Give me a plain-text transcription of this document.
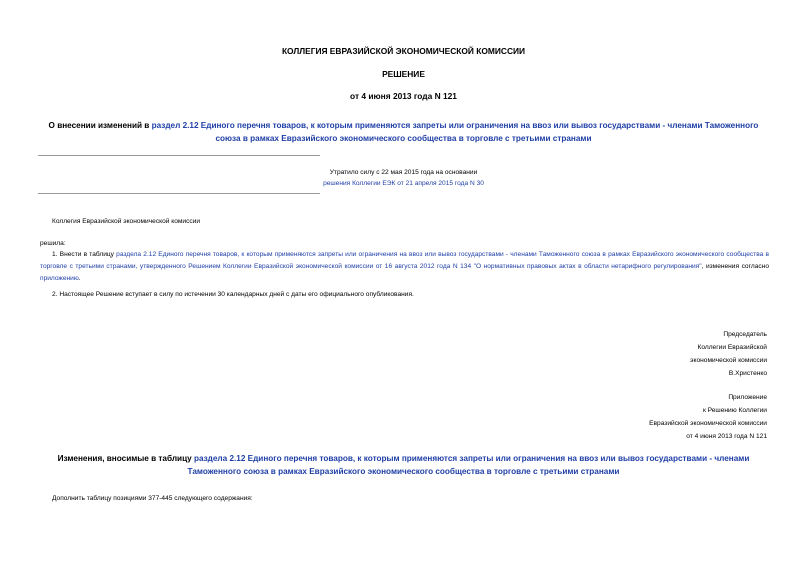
КОЛЛЕГИЯ ЕВРАЗИЙСКОЙ ЭКОНОМИЧЕСКОЙ КОМИССИИ
РЕШЕНИЕ
от 4 июня 2013 года N 121
О внесении изменений в раздел 2.12 Единого перечня товаров, к которым применяются запреты или ограничения на ввоз или вывоз государствами - членами Таможенного союза в рамках Евразийского экономического сообщества в торговле с третьими странами
Утратило силу с 22 мая 2015 года на основании
решения Коллегии ЕЭК от 21 апреля 2015 года N 30
Коллегия Евразийской экономической комиссии
решила:
1. Внести в таблицу раздела 2.12 Единого перечня товаров, к которым применяются запреты или ограничения на ввоз или вывоз государствами - членами Таможенного союза в рамках Евразийского экономического сообщества в торговле с третьими странами, утвержденного Решением Коллегии Евразийской экономической комиссии от 16 августа 2012 года N 134 "О нормативных правовых актах в области нетарифного регулирования", изменения согласно приложению.
2. Настоящее Решение вступает в силу по истечении 30 календарных дней с даты его официального опубликования.
Председатель
Коллегии Евразийской
экономической комиссии
В.Христенко
Приложение
к Решению Коллегии
Евразийской экономической комиссии
от 4 июня 2013 года N 121
Изменения, вносимые в таблицу раздела 2.12 Единого перечня товаров, к которым применяются запреты или ограничения на ввоз или вывоз государствами - членами Таможенного союза в рамках Евразийского экономического сообщества в торговле с третьими странами
Дополнить таблицу позициями 377-445 следующего содержания:
